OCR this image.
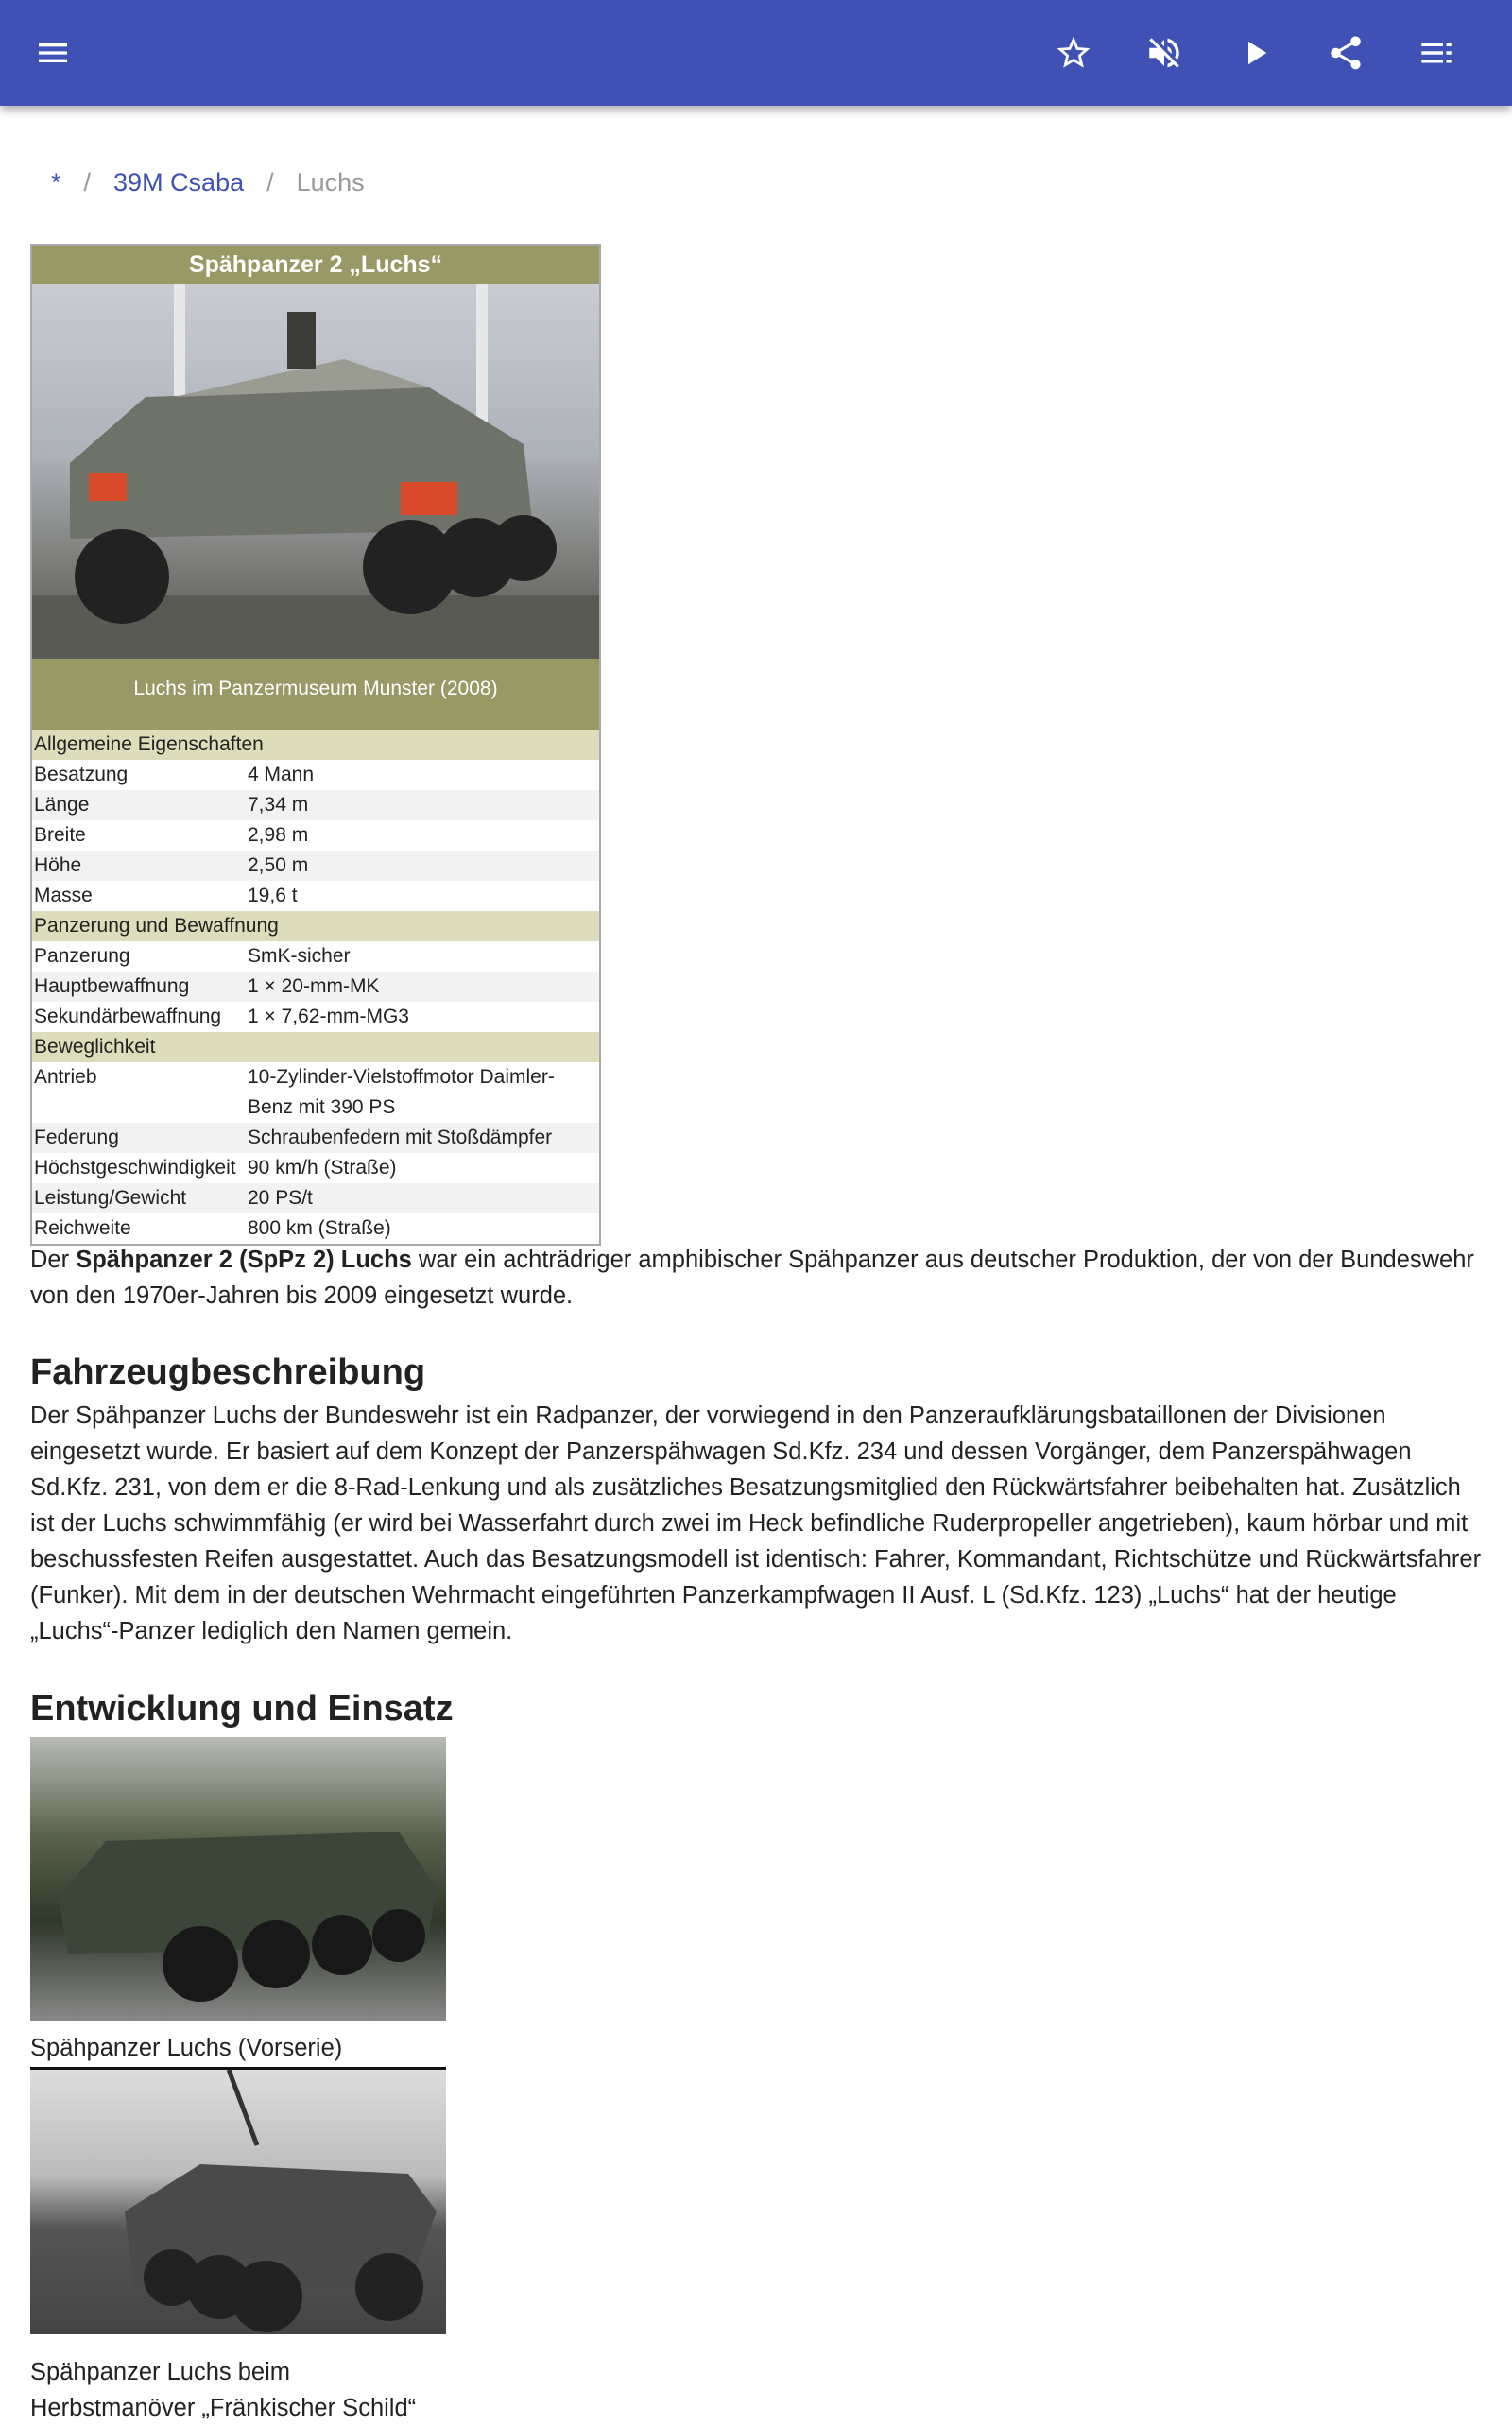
* / 39M Csaba / Luchs
Spähpanzer 2 „Luchs“
Luchs im Panzermuseum Munster (2008)
Allgemeine Eigenschaften	
Besatzung	4 Mann
Länge	7,34 m
Breite	2,98 m
Höhe	2,50 m
Masse	19,6 t
Panzerung und Bewaffnung	
Panzerung	SmK-sicher
Hauptbewaffnung	1 × 20-mm-MK
Sekundärbewaffnung	1 × 7,62-mm-MG3
Beweglichkeit	
Antrieb	10-Zylinder-Vielstoffmotor Daimler-Benz mit 390 PS
Federung	Schraubenfedern mit Stoßdämpfer
Höchstgeschwindigkeit	90 km/h (Straße)
Leistung/Gewicht	20 PS/t
Reichweite	800 km (Straße)
Der Spähpanzer 2 (SpPz 2) Luchs war ein achträdriger amphibischer Spähpanzer aus deutscher Produktion, der von der Bundeswehr von den 1970er-Jahren bis 2009 eingesetzt wurde.
Fahrzeugbeschreibung

Der Spähpanzer Luchs der Bundeswehr ist ein Radpanzer, der vorwiegend in den Panzeraufklärungsbataillonen der Divisionen eingesetzt wurde. Er basiert auf dem Konzept der Panzerspähwagen Sd.Kfz. 234 und dessen Vorgänger, dem Panzerspähwagen Sd.Kfz. 231, von dem er die 8-Rad-Lenkung und als zusätzliches Besatzungsmitglied den Rückwärtsfahrer beibehalten hat. Zusätzlich ist der Luchs schwimmfähig (er wird bei Wasserfahrt durch zwei im Heck befindliche Ruderpropeller angetrieben), kaum hörbar und mit beschussfesten Reifen ausgestattet. Auch das Besatzungsmodell ist identisch: Fahrer, Kommandant, Richtschütze und Rückwärtsfahrer (Funker). Mit dem in der deutschen Wehrmacht eingeführten Panzerkampfwagen II Ausf. L (Sd.Kfz. 123) „Luchs“ hat der heutige „Luchs“-Panzer lediglich den Namen gemein.

Entwicklung und Einsatz
Spähpanzer Luchs (Vorserie)
Spähpanzer Luchs beim Herbstmanöver „Fränkischer Schild“
